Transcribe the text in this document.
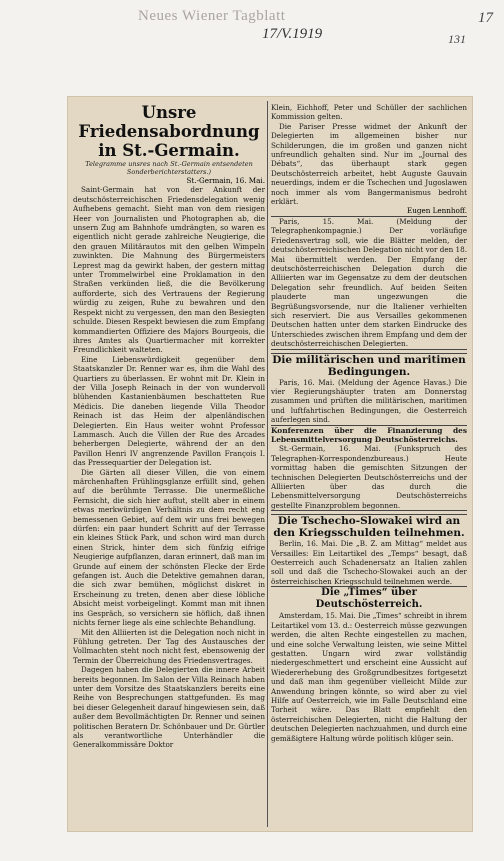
Neues Wiener Tagblatt
17/V.1919
17
131
Unsre Friedensabordnung in St.-Germain.
Telegramme unsres nach St.-Germain entsendeten Sonderberichterstatters.)
St.-Germain, 16. Mai.

Saint-Germain hat von der Ankunft der deutschösterreichischen Friedensdelegation wenig Aufhebens gemacht. Sieht man von dem riesigen Heer von Journalisten und Photographen ab, die unsern Zug am Bahnhofe umdrängten, so waren es eigentlich nicht gerade zahlreiche Neugierige, die den grauen Militärautos mit den gelben Wimpeln zuwinkten. Die Mahnung des Bürgermeisters Leprest mag da gewirkt haben, der gestern mittag unter Trommelwirbel eine Proklamation in den Straßen verkünden ließ, die die Bevölkerung aufforderte, sich des Vertrauens der Regierung würdig zu zeigen, Ruhe zu bewahren und den Respekt nicht zu vergessen, den man den Besiegten schulde. Diesen Respekt bewiesen die zum Empfang kommandierten Offiziere des Majors Bourgeois, die ihres Amtes als Quartiermacher mit korrekter Freundlichkeit walteten.

Eine Liebenswürdigkeit gegenüber dem Staatskanzler Dr. Renner war es, ihm die Wahl des Quartiers zu überlassen. Er wohnt mit Dr. Klein in der Villa Joseph Reinach in der von wundervoll blühenden Kastanienbäumen beschatteten Rue Médicis. Die daneben liegende Villa Theodor Reinach ist das Heim der alpenländischen Delegierten. Ein Haus weiter wohnt Professor Lammasch. Auch die Villen der Rue des Arcades beherbergen Delegierte, während der an den Pavillon Henri IV angrenzende Pavillon François I. das Pressequartier der Delegation ist.

Die Gärten all dieser Villen, die von einem märchenhaften Frühlingsglanze erfüllt sind, gehen auf die berühmte Terrasse. Die unermeßliche Fernsicht, die sich hier auftut, stellt aber in einem etwas merkwürdigen Verhältnis zu dem recht eng bemessenen Gebiet, auf dem wir uns frei bewegen dürfen: ein paar hundert Schritt auf der Terrasse ein kleines Stück Park, und schon wird man durch einen Strick, hinter dem sich fünfzig eifrige Neugierige aufpflanzen, daran erinnert, daß man im Grunde auf einem der schönsten Flecke der Erde gefangen ist. Auch die Detektive gemahnen daran, die sich zwar bemühen, möglichst diskret in Erscheinung zu treten, denen aber diese löbliche Absicht meist vorbeigelingt. Kommt man mit ihnen ins Gespräch, so versichern sie höflich, daß ihnen nichts ferner liege als eine schlechte Behandlung.

Mit den Alliierten ist die Delegation noch nicht in Fühlung getreten. Der Tag des Austausches der Vollmachten steht noch nicht fest, ebensowenig der Termin der Überreichung des Friedensvertrages.

Dagegen haben die Delegierten die innere Arbeit bereits begonnen. Im Salon der Villa Reinach haben unter dem Vorsitze des Staatskanzlers bereits eine Reihe von Besprechungen stattgefunden. Es mag bei dieser Gelegenheit darauf hingewiesen sein, daß außer dem Bevollmächtigten Dr. Renner und seinen politischen Beratern Dr. Schönbauer und Dr. Gürtler als verantwortliche Unterhändler die Generalkommissäre Doktor

Klein, Eichhoff, Peter und Schüller der sachlichen Kommission gelten.

Die Pariser Presse widmet der Ankunft der Delegierten im allgemeinen bisher nur Schilderungen, die im großen und ganzen nicht unfreundlich gehalten sind. Nur im „Journal des Débats“, das überhaupt stark gegen Deutschösterreich arbeitet, hebt Auguste Gauvain neuerdings, indem er die Tschechen und Jugoslawen noch immer als vom Bangermanismus bedroht erklärt.

Eugen Lennhoff.

Paris, 15. Mai. (Meldung der Telegraphenkompagnie.) Der vorläufige Friedensvertrag soll, wie die Blätter melden, der deutschösterreichischen Delegation nicht vor den 18. Mai übermittelt werden. Der Empfang der deutschösterreichischen Delegation durch die Alliierten war im Gegensatze zu dem der deutschen Delegation sehr freundlich. Auf beiden Seiten plauderte man ungezwungen die Begrüßungsvorsende, nur die Italiener verhielten sich reserviert. Die aus Versailles gekommenen Deutschen hatten unter dem starken Eindrucke des Unterschiedes zwischen ihrem Empfang und dem der deutschösterreichischen Delegierten.

Die militärischen und maritimen Bedingungen.

Paris, 16. Mai. (Meldung der Agence Havas.) Die vier Regierungshäupter traten am Donnerstag zusammen und prüften die militärischen, maritimen und luftfahrtischen Bedingungen, die Oesterreich auferlegen sind.

Konferenzen über die Finanzierung des Lebensmittelversorgung Deutschösterreichs.

St.-Germain, 16. Mai. (Funkspruch des Telegraphen-Korrespondenzbureaus.) Heute vormittag haben die gemischten Sitzungen der technischen Delegierten Deutschösterreichs und der Alliierten über das durch die Lebensmittelversorgung Deutschösterreichs gestellte Finanzproblem begonnen.

Die Tschecho-Slowakei wird an den Kriegsschulden teilnehmen.

Berlin, 16. Mai. Die „B. Z. am Mittag“ meldet aus Versailles: Ein Leitartikel des „Temps“ besagt, daß Oesterreich auch Schadenersatz an Italien zahlen soll und daß die Tschecho-Slowakei auch an der österreichischen Kriegsschuld teilnehmen werde.

Die „Times“ über Deutschösterreich.

Amsterdam, 15. Mai. Die „Times“ schreibt in ihrem Leitartikel vom 13. d.: Oesterreich müsse gezwungen werden, die alten Rechte eingestellen zu machen, und eine solche Verwaltung leisten, wie seine Mittel gestatten. Ungarn wird zwar vollständig niedergeschmettert und erscheint eine Aussicht auf Wiedererhebung des Großgrundbesitzes fortgesetzt und daß man ihm gegenüber vielleicht Milde zur Anwendung bringen könnte, so wird aber zu viel Hilfe auf Oesterreich, wie im Falle Deutschland eine Torheit wäre. Das Blatt empfiehlt den österreichischen Delegierten, nicht die Haltung der deutschen Delegierten nachzuahmen, und durch eine gemäßigtere Haltung würde politisch klüger sein.
